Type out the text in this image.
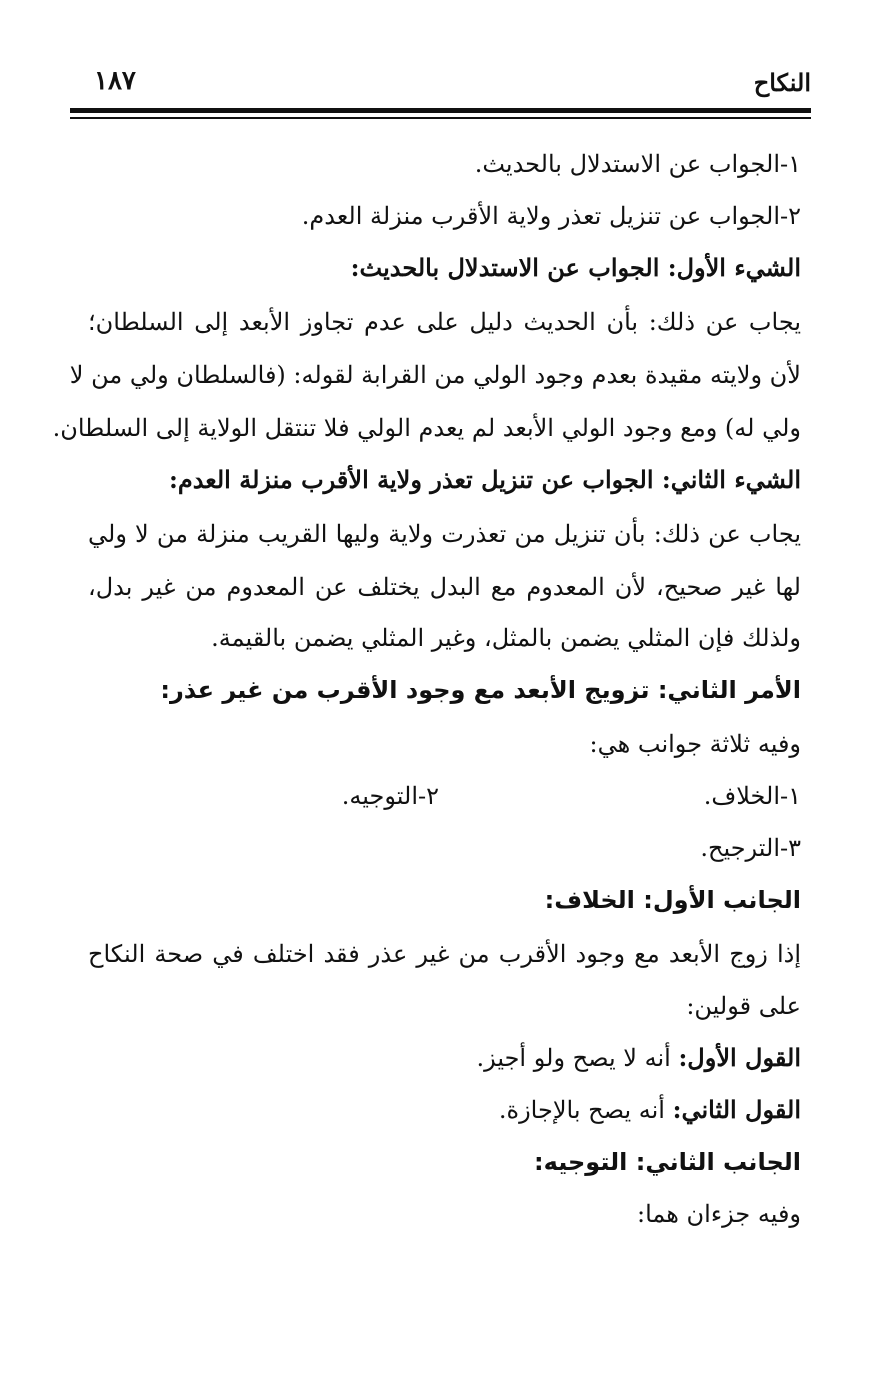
النكاح
١٨٧
١-الجواب عن الاستدلال بالحديث.
٢-الجواب عن تنزيل تعذر ولاية الأقرب منزلة العدم.
الشيء الأول: الجواب عن الاستدلال بالحديث:
يجاب عن ذلك: بأن الحديث دليل على عدم تجاوز الأبعد إلى السلطان؛
لأن ولايته مقيدة بعدم وجود الولي من القرابة لقوله: (فالسلطان ولي من لا
ولي له) ومع وجود الولي الأبعد لم يعدم الولي فلا تنتقل الولاية إلى السلطان.
الشيء الثاني: الجواب عن تنزيل تعذر ولاية الأقرب منزلة العدم:
يجاب عن ذلك: بأن تنزيل من تعذرت ولاية وليها القريب منزلة من لا ولي
لها غير صحيح، لأن المعدوم مع البدل يختلف عن المعدوم من غير بدل،
ولذلك فإن المثلي يضمن بالمثل، وغير المثلي يضمن بالقيمة.
الأمر الثاني: تزويج الأبعد مع وجود الأقرب من غير عذر:
وفيه ثلاثة جوانب هي:
١-الخلاف.
٢-التوجيه.
٣-الترجيح.
الجانب الأول: الخلاف:
إذا زوج الأبعد مع وجود الأقرب من غير عذر فقد اختلف في صحة النكاح
على قولين:
القول الأول: أنه لا يصح ولو أجيز.
القول الثاني: أنه يصح بالإجازة.
الجانب الثاني: التوجيه:
وفيه جزءان هما:
